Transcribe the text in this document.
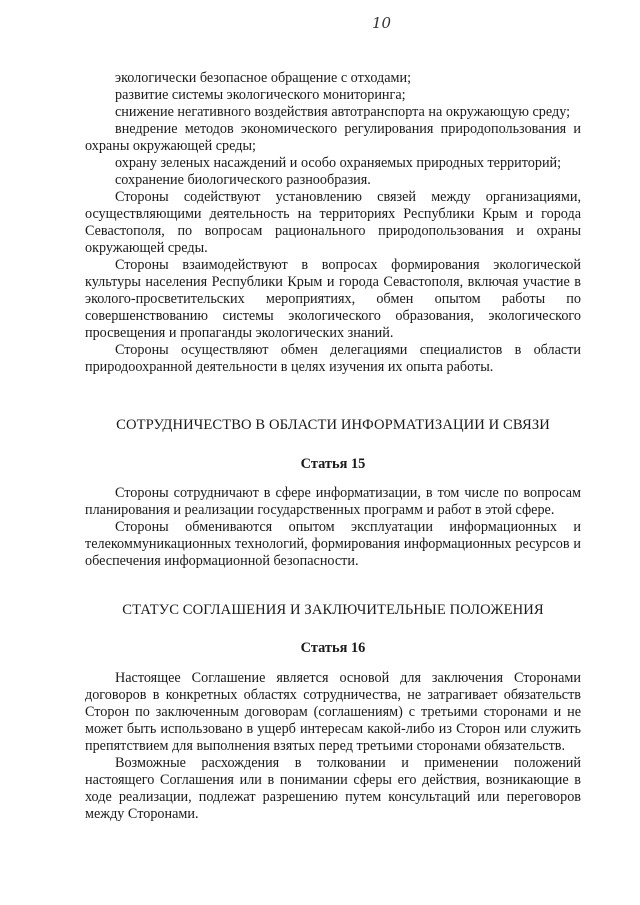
10

экологически безопасное обращение с отходами;

развитие системы экологического мониторинга;

снижение негативного воздействия автотранспорта на окружающую среду;

внедрение методов экономического регулирования природопользования и охраны окружающей среды;

охрану зеленых насаждений и особо охраняемых природных территорий;

сохранение биологического разнообразия.

Стороны содействуют установлению связей между организациями, осуществляющими деятельность на территориях Республики Крым и города Севастополя, по вопросам рационального природопользования и охраны окружающей среды.

Стороны взаимодействуют в вопросах формирования экологической культуры населения Республики Крым и города Севастополя, включая участие в эколого-просветительских мероприятиях, обмен опытом работы по совершенствованию системы экологического образования, экологического просвещения и пропаганды экологических знаний.

Стороны осуществляют обмен делегациями специалистов в области природоохранной деятельности в целях изучения их опыта работы.

СОТРУДНИЧЕСТВО В ОБЛАСТИ ИНФОРМАТИЗАЦИИ И СВЯЗИ
Статья 15

Стороны сотрудничают в сфере информатизации, в том числе по вопросам планирования и реализации государственных программ и работ в этой сфере.

Стороны обмениваются опытом эксплуатации информационных и телекоммуникационных технологий, формирования информационных ресурсов и обеспечения информационной безопасности.

СТАТУС СОГЛАШЕНИЯ И ЗАКЛЮЧИТЕЛЬНЫЕ ПОЛОЖЕНИЯ
Статья 16

Настоящее Соглашение является основой для заключения Сторонами договоров в конкретных областях сотрудничества, не затрагивает обязательств Сторон по заключенным договорам (соглашениям) с третьими сторонами и не может быть использовано в ущерб интересам какой-либо из Сторон или служить препятствием для выполнения взятых перед третьими сторонами обязательств.

Возможные расхождения в толковании и применении положений настоящего Соглашения или в понимании сферы его действия, возникающие в ходе реализации, подлежат разрешению путем консультаций или переговоров между Сторонами.
